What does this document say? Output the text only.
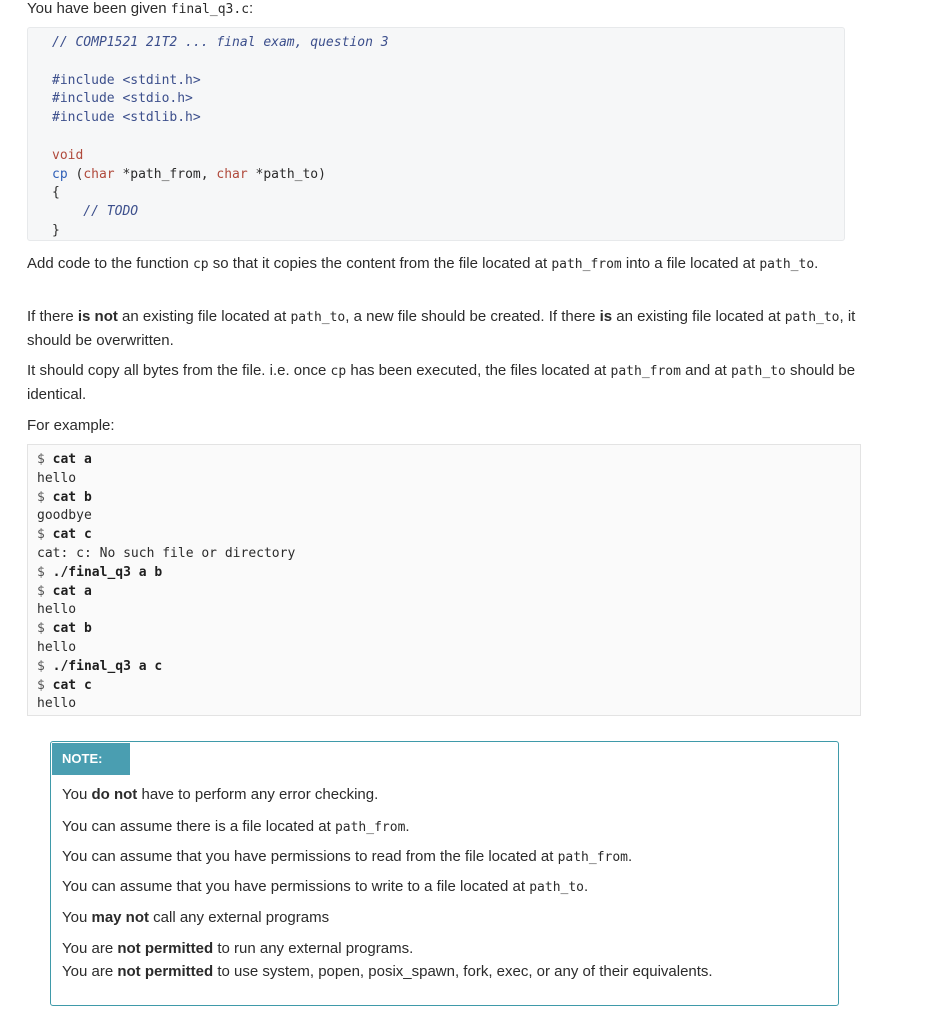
You have been given final_q3.c:
// COMP1521 21T2 ... final exam, question 3
#include <stdint.h>
#include <stdio.h>
#include <stdlib.h>
void
cp (char *path_from, char *path_to)
{
// TODO
}

Add code to the function cp so that it copies the content from the file located at path_from into a file located at path_to.

If there is not an existing file located at path_to, a new file should be created. If there is an existing file located at path_to, it should be overwritten.

It should copy all bytes from the file. i.e. once cp has been executed, the files located at path_from and at path_to should be identical.

For example:

$ cat a
hello
$ cat b
goodbye
$ cat c
cat: c: No such file or directory
$ ./final_q3 a b
$ cat a
hello
$ cat b
hello
$ ./final_q3 a c
$ cat c
hello
NOTE:
You do not have to perform any error checking.
You can assume there is a file located at path_from.
You can assume that you have permissions to read from the file located at path_from.
You can assume that you have permissions to write to a file located at path_to.
You may not call any external programs
You are not permitted to run any external programs.
You are not permitted to use system, popen, posix_spawn, fork, exec, or any of their equivalents.
